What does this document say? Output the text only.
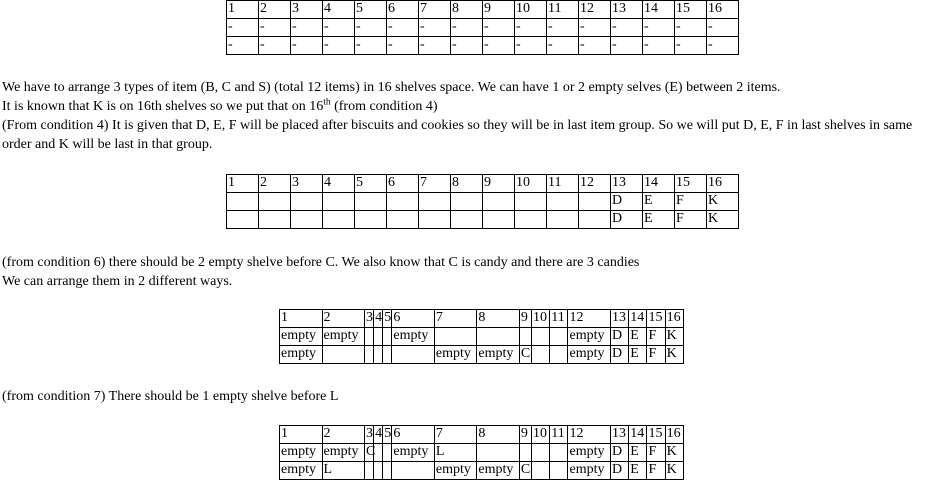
1	2	3	4	5	6	7	8	9	10	11	12	13	14	15	16
-	-	-	-	-	-	-	-	-	-	-	-	-	-	-	-
-	-	-	-	-	-	-	-	-	-	-	-	-	-	-	-

We have to arrange 3 types of item (B, C and S) (total 12 items) in 16 shelves space. We can have 1 or 2 empty selves (E) between 2 items.
It is known that K is on 16th shelves so we put that on 16th (from condition 4)
(From condition 4) It is given that D, E, F will be placed after biscuits and cookies so they will be in last item group. So we will put D, E, F in last shelves in same order and K will be last in that group.

1	2	3	4	5	6	7	8	9	10	11	12	13	14	15	16
												D	E	F	K
												D	E	F	K

(from condition 6) there should be 2 empty shelve before C. We also know that C is candy and there are 3 candies
We can arrange them in 2 different ways.

1	2	3	4	5	6	7	8	9	10	11	12	13	14	15	16
empty	empty				empty						empty	D	E	F	K
empty						empty	empty	C			empty	D	E	F	K

(from condition 7) There should be 1 empty shelve before L

1	2	3	4	5	6	7	8	9	10	11	12	13	14	15	16
empty	empty	C			empty	L					empty	D	E	F	K
empty	L					empty	empty	C			empty	D	E	F	K
